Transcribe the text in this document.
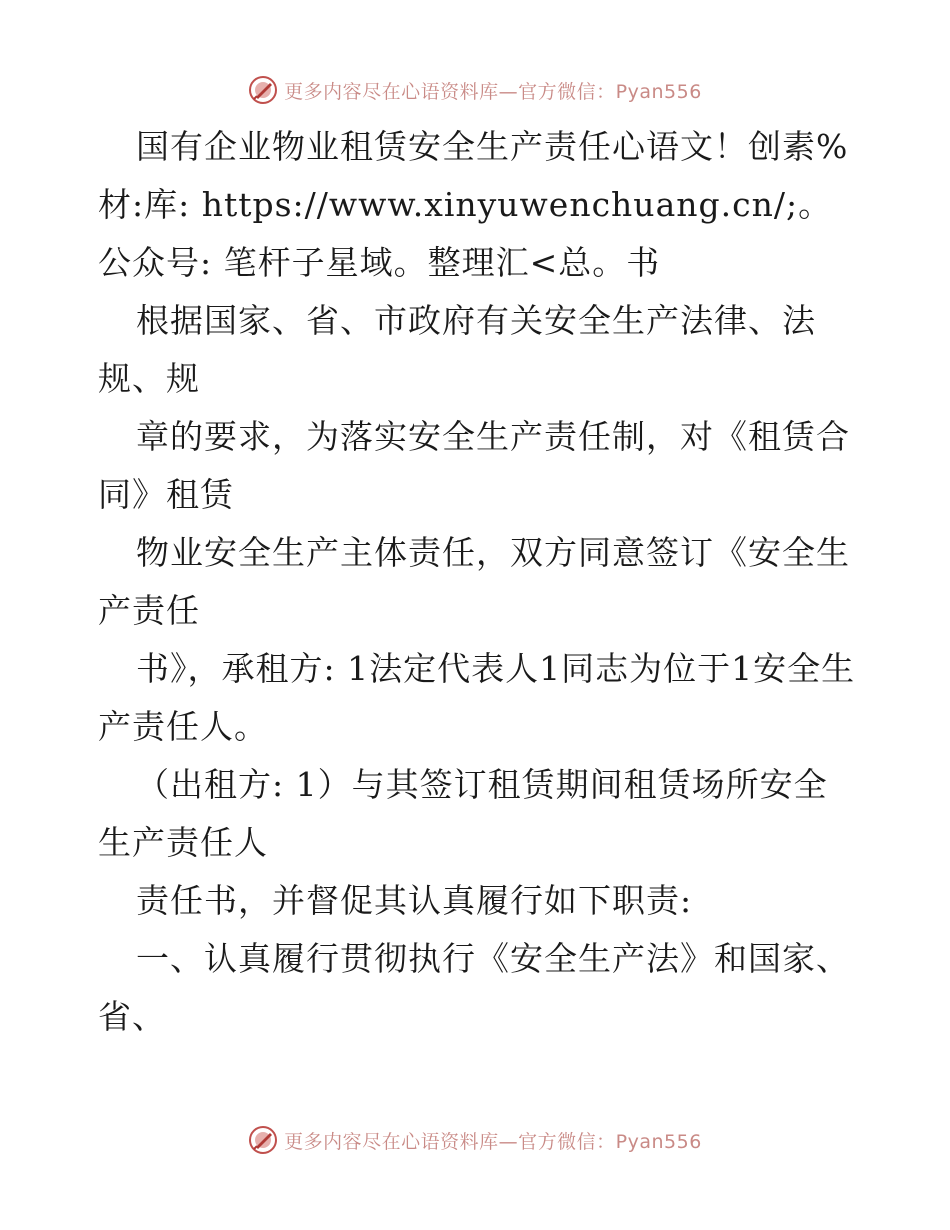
更多内容尽在心语资料库—官方微信：Pyan556

国有企业物业租赁安全生产责任心语文！创素%材:库: https://www.xinyuwenchuang.cn/;。公众号: 笔杆子星域。整理汇<总。书

根据国家、省、市政府有关安全生产法律、法规、规

章的要求，为落实安全生产责任制，对《租赁合同》租赁

物业安全生产主体责任，双方同意签订《安全生产责任

书》，承租方: 1法定代表人1同志为位于1安全生产责任人。

（出租方: 1）与其签订租赁期间租赁场所安全生产责任人

责任书，并督促其认真履行如下职责:

一、认真履行贯彻执行《安全生产法》和国家、省、

更多内容尽在心语资料库—官方微信：Pyan556
